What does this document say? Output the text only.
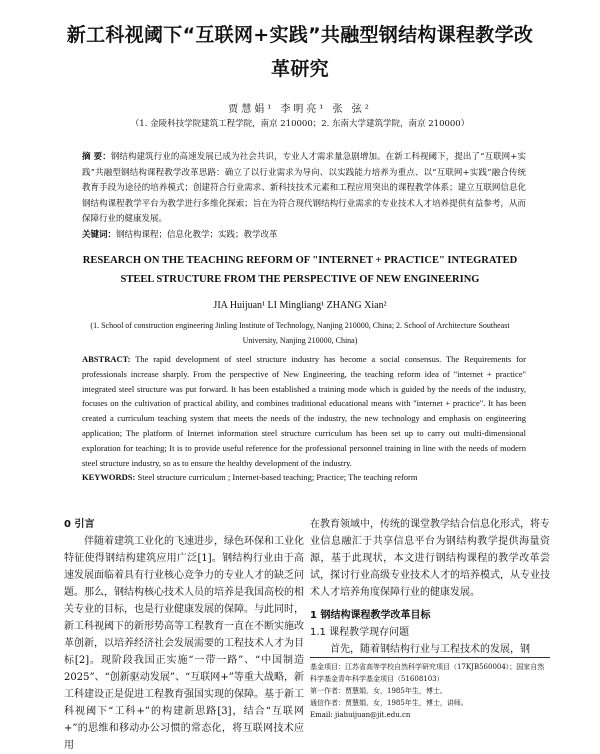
新工科视阈下“互联网+实践”共融型钢结构课程教学改
革研究
贾慧娟¹ 李明亮¹ 张 弦²
（1. 金陵科技学院建筑工程学院，南京 210000；2. 东南大学建筑学院，南京 210000）
摘 要：钢结构建筑行业的高速发展已成为社会共识，专业人才需求量急剧增加。在新工科视阈下，提出了“互联网+实践”共融型钢结构课程教学改革思路：确立了以行业需求为导向、以实践能力培养为重点、以“互联网+实践”融合传统教育手段为途径的培养模式；创建符合行业需求、新科技技术元素和工程应用突出的课程教学体系；建立互联网信息化钢结构课程教学平台为教学进行多维化探索；旨在为符合现代钢结构行业需求的专业技术人才培养提供有益参考，从而保障行业的健康发展。
关键词：钢结构课程；信息化教学；实践；教学改革
RESEARCH ON THE TEACHING REFORM OF "INTERNET + PRACTICE" INTEGRATED
STEEL STRUCTURE FROM THE PERSPECTIVE OF NEW ENGINEERING
JIA Huijuan¹ LI Mingliang¹ ZHANG Xian²
(1. School of construction engineering Jinling Institute of Technology, Nanjing 210000, China; 2. School of Architecture Southeast University, Nanjing 210000, China)
ABSTRACT: The rapid development of steel structure industry has become a social consensus. The Requirements for professionals increase sharply. From the perspective of New Engineering, the teaching reform idea of "internet + practice" integrated steel structure was put forward. It has been established a training mode which is guided by the needs of the industry, focuses on the cultivation of practical ability, and combines traditional educational means with "internet + practice". It has been created a curriculum teaching system that meets the needs of the industry, the new technology and emphasis on engineering application; The platform of Internet information steel structure curriculum has been set up to carry out multi-dimensional exploration for teaching; It is to provide useful reference for the professional personnel training in line with the needs of modern steel structure industry, so as to ensure the healthy development of the industry.
KEYWORDS: Steel structure curriculum ; Internet-based teaching; Practice; The teaching reform
0 引言
伴随着建筑工业化的飞速进步，绿色环保和工业化特征使得钢结构建筑应用广泛[1]。钢结构行业由于高速发展面临着具有行业核心竞争力的专业人才的缺乏问题。那么，钢结构核心技术人员的培养是我国高校的相关专业的目标，也是行业健康发展的保障。与此同时，新工科视阈下的新形势高等工程教育一直在不断实施改革创新，以培养经济社会发展需要的工程技术人才为目标[2]。现阶段我国正实施“一带一路”、“中国制造2025”、“创新驱动发展”、“互联网+”等重大战略，新工科建设正是促进工程教育强国实现的保障。基于新工科视阈下“工科+”的构建新思路[3]，结合“互联网+”的思维和移动办公习惯的常态化，将互联网技术应用
在教育领域中，传统的课堂教学结合信息化形式，将专业信息融汇于共享信息平台为钢结构教学提供海量资源，基于此现状，本文进行钢结构课程的教学改革尝试，探讨行业高级专业技术人才的培养模式，从专业技术人才培养角度保障行业的健康发展。
1 钢结构课程教学改革目标
1.1 课程教学现存问题
首先，随着钢结构行业与工程技术的发展，钢
基金项目：江苏省高等学校自然科学研究项目（17KJB560004）；国家自然科学基金青年科学基金项目（51608103）
第一作者：贾慧娟，女，1985年生，博士。
通信作者：贾慧娟，女，1985年生，博士，讲师。
Email: jiahuijuan@jit.edu.cn
